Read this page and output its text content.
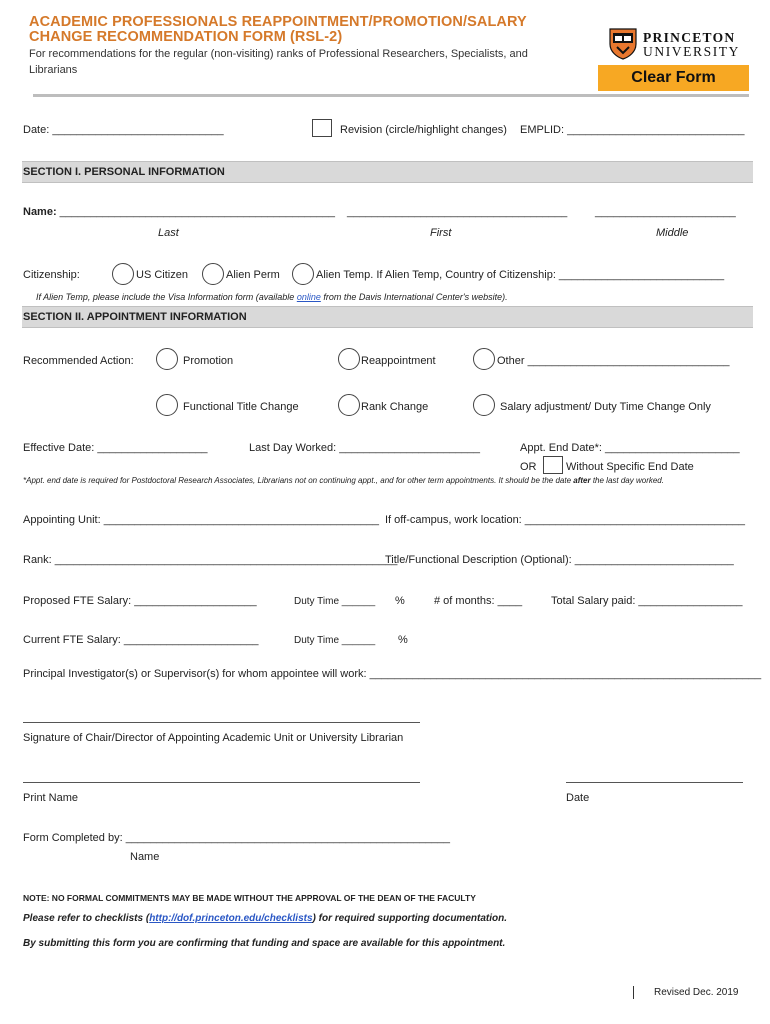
ACADEMIC PROFESSIONALS REAPPOINTMENT/PROMOTION/SALARY
CHANGE RECOMMENDATION FORM (RSL-2)
For recommendations for the regular (non-visiting) ranks of Professional Researchers, Specialists, and Librarians
PRINCETON
UNIVERSITY
Clear Form
Date: ____________________________	Revision (circle/highlight changes) EMPLID: _____________________________
SECTION I. PERSONAL INFORMATION
Name: _____________________________________________ ____________________________________	_______________________
Last	First	Middle
Citizenship:	US Citizen	Alien Perm	Alien Temp. If Alien Temp, Country of Citizenship: ___________________________
If Alien Temp, please include the Visa Information form (available online from the Davis International Center's website).
SECTION II. APPOINTMENT INFORMATION
Recommended Action:	Promotion	Reappointment	Other _________________________________
Functional Title Change	Rank Change	Salary adjustment/ Duty Time Change Only
Effective Date: __________________	Last Day Worked: _______________________	Appt. End Date*: ______________________
OR	Without Specific End Date
*Appt. end date is required for Postdoctoral Research Associates, Librarians not on continuing appt., and for other term appointments. It should be the date after the last day worked.
Appointing Unit: _____________________________________________ If off-campus, work location: ____________________________________
Rank: ________________________________________________________
Title/Functional Description (Optional): __________________________
Proposed FTE Salary: ____________________	Duty Time ______ %	# of months: ____	Total Salary paid: _________________
Current FTE Salary: ______________________	Duty Time ______ %
Principal Investigator(s) or Supervisor(s) for whom appointee will work: ________________________________________________________________
Signature of Chair/Director of Appointing Academic Unit or University Librarian
Print Name	Date
Form Completed by: _____________________________________________________
Name
NOTE: NO FORMAL COMMITMENTS MAY BE MADE WITHOUT THE APPROVAL OF THE DEAN OF THE FACULTY
Please refer to checklists (http://dof.princeton.edu/checklists) for required supporting documentation.
By submitting this form you are confirming that funding and space are available for this appointment.
Revised Dec. 2019
